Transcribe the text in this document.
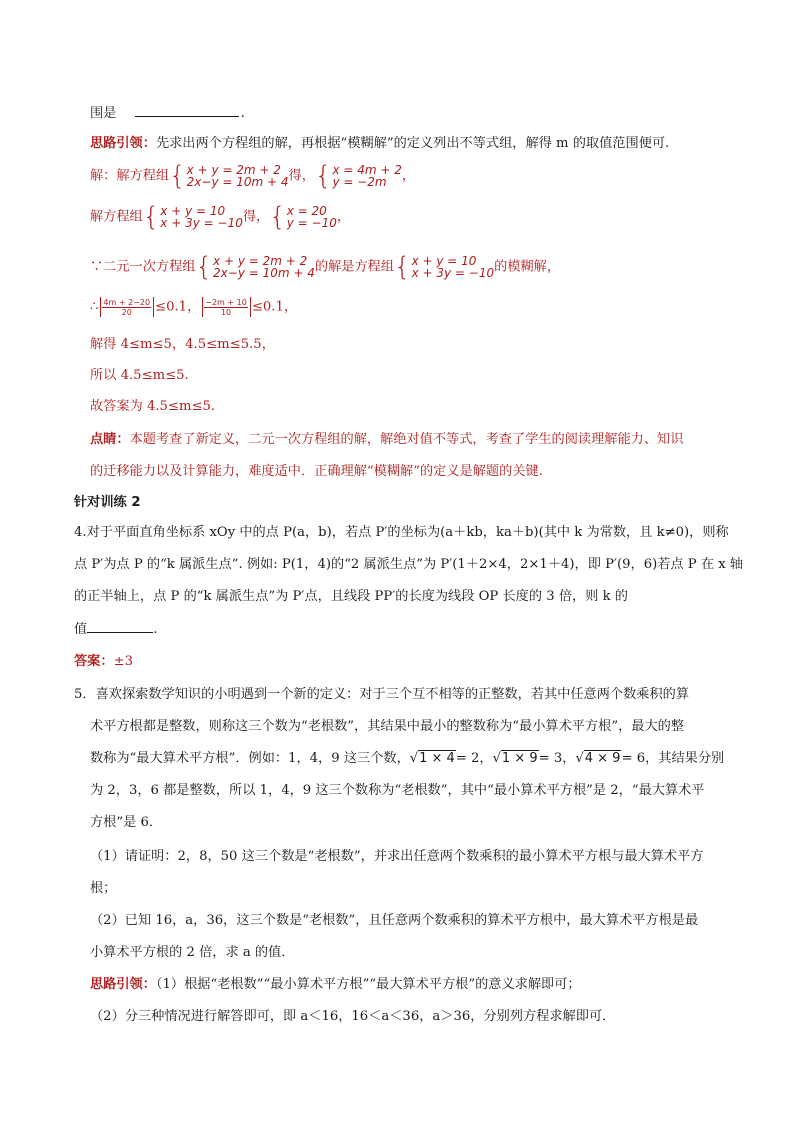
围是	.
思路引领：先求出两个方程组的解，再根据“模糊解”的定义列出不等式组，解得 m 的取值范围便可.
解：解方程组 { x + y = 2m + 2
2x−y = 10m + 4 得， { x = 4m + 2
y = −2m	，
解方程组 { x + y = 10
x + 3y = −10 得， { x = 20
y = −10 ，
∵二元一次方程组 { x + y = 2m + 2
2x−y = 10m + 4 的解是方程组 { x + y = 10
x + 3y = −10 的模糊解，
∴ $\frac{4m + 2-20}{20} \le 0.1$， $\frac{-2m + 10}{10} \le 0.1$，
解得 4≤m≤5，4.5≤m≤5.5，
所以 4.5≤m≤5.
故答案为 4.5≤m≤5.
点睛：本题考查了新定义，二元一次方程组的解，解绝对值不等式，考查了学生的阅读理解能力、知识
的迁移能力以及计算能力，难度适中．正确理解“模糊解”的定义是解题的关键.
针对训练 2
4.对于平面直角坐标系 xOy 中的点 P(a，b)，若点 P′的坐标为(a＋kb，ka＋b)(其中 k 为常数，且 k≠0)，则称
点 P′为点 P 的“k 属派生点”. 例如: P(1，4)的“2 属派生点”为 P′(1＋2×4，2×1＋4)，即 P′(9，6)若点 P 在 x 轴
的正半轴上，点 P 的“k 属派生点”为 P′点，且线段 PP′的长度为线段 OP 长度的 3 倍，则 k 的
值	.
答案：±3
5．喜欢探索数学知识的小明遇到一个新的定义：对于三个互不相等的正整数，若其中任意两个数乘积的算
术平方根都是整数，则称这三个数为“老根数”，其结果中最小的整数称为“最小算术平方根”，最大的整
数称为“最大算术平方根”．例如：1，4，9 这三个数，√1 × 4= 2，√1 × 9= 3，√4 × 9= 6，其结果分别
为 2，3，6 都是整数，所以 1，4，9 这三个数称为“老根数”，其中“最小算术平方根”是 2，“最大算术平
方根”是 6．
（1）请证明：2，8，50 这三个数是“老根数”，并求出任意两个数乘积的最小算术平方根与最大算术平方
根；
（2）已知 16，a，36，这三个数是“老根数”，且任意两个数乘积的算术平方根中，最大算术平方根是最
小算术平方根的 2 倍，求 a 的值．
思路引领：（1）根据“老根数”“最小算术平方根”“最大算术平方根”的意义求解即可；
（2）分三种情况进行解答即可，即 a＜16，16＜a＜36，a＞36，分别列方程求解即可．
